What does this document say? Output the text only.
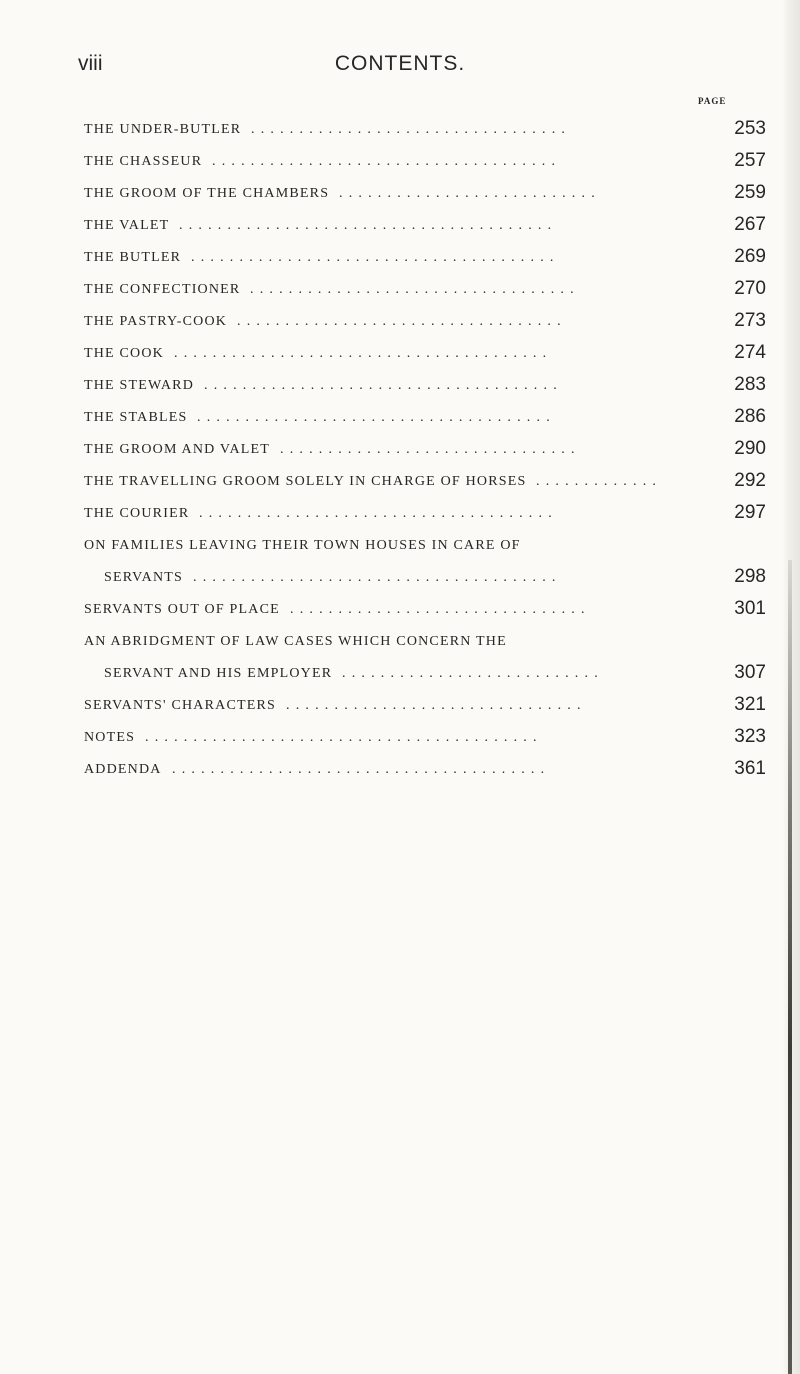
viii	CONTENTS.
PAGE
THE UNDER-BUTLER .................................	253
THE CHASSEUR ....................................	257
THE GROOM OF THE CHAMBERS ...........................	259
THE VALET .......................................	267
THE BUTLER ......................................	269
THE CONFECTIONER ..................................	270
THE PASTRY-COOK ..................................	273
THE COOK .......................................	274
THE STEWARD .....................................	283
THE STABLES .....................................	286
THE GROOM AND VALET ...............................	290
THE TRAVELLING GROOM SOLELY IN CHARGE OF HORSES .............	292
THE COURIER .....................................	297
ON FAMILIES LEAVING THEIR TOWN HOUSES IN CARE OF
SERVANTS ......................................	298
SERVANTS OUT OF PLACE ...............................	301
AN ABRIDGMENT OF LAW CASES WHICH CONCERN THE
SERVANT AND HIS EMPLOYER ...........................	307
SERVANTS' CHARACTERS ...............................	321
NOTES .........................................	323
ADDENDA .......................................	361
